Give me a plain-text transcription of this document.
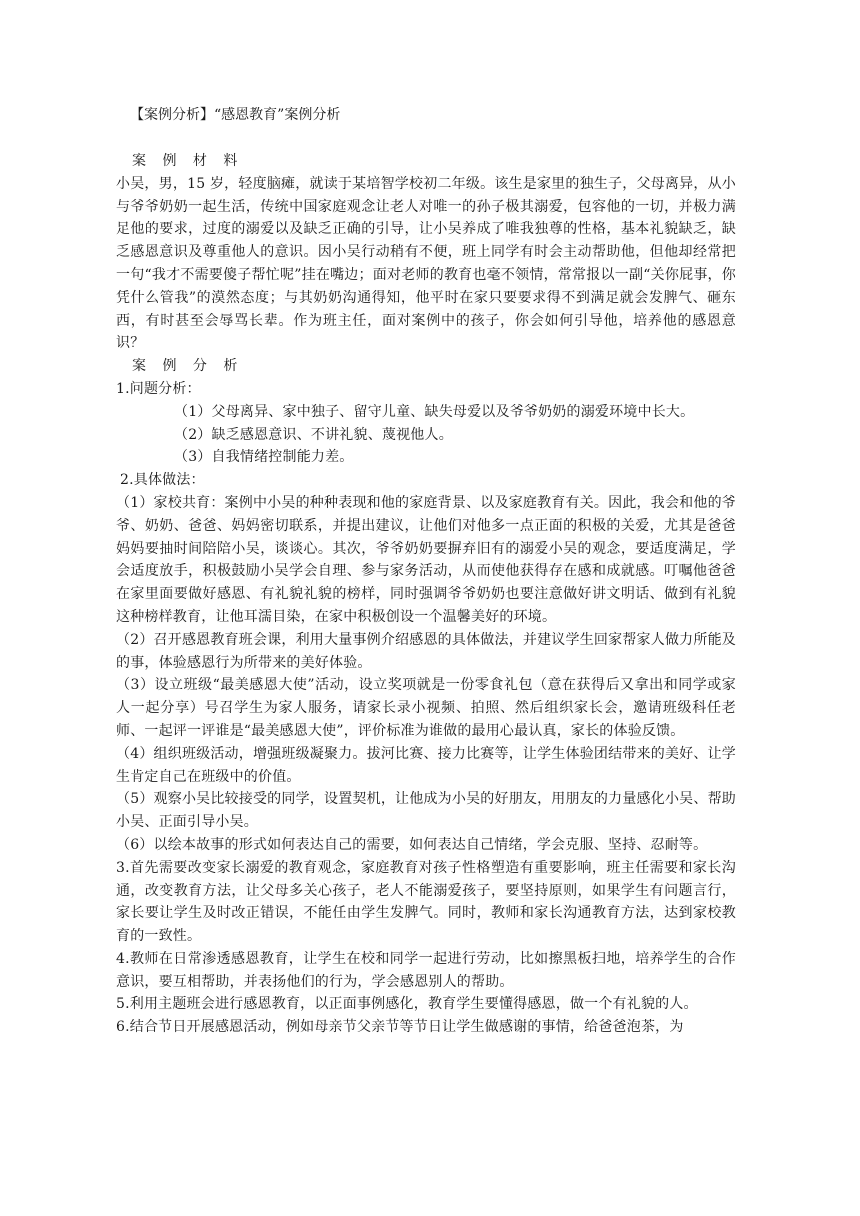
【案例分析】“感恩教育”案例分析

案 例 材 料

小吴，男，15 岁，轻度脑瘫，就读于某培智学校初二年级。该生是家里的独生子，父母离异，从小与爷爷奶奶一起生活，传统中国家庭观念让老人对唯一的孙子极其溺爱，包容他的一切，并极力满足他的要求，过度的溺爱以及缺乏正确的引导，让小吴养成了唯我独尊的性格，基本礼貌缺乏，缺乏感恩意识及尊重他人的意识。因小吴行动稍有不便，班上同学有时会主动帮助他，但他却经常把一句“我才不需要傻子帮忙呢”挂在嘴边；面对老师的教育也毫不领情，常常报以一副“关你屁事，你凭什么管我”的漠然态度；与其奶奶沟通得知，他平时在家只要要求得不到满足就会发脾气、砸东西，有时甚至会辱骂长辈。作为班主任，面对案例中的孩子，你会如何引导他，培养他的感恩意识？

案 例 分 析

1.问题分析：

（1）父母离异、家中独子、留守儿童、缺失母爱以及爷爷奶奶的溺爱环境中长大。

（2）缺乏感恩意识、不讲礼貌、蔑视他人。

（3）自我情绪控制能力差。

2.具体做法：

（1）家校共育：案例中小吴的种种表现和他的家庭背景、以及家庭教育有关。因此，我会和他的爷爷、奶奶、爸爸、妈妈密切联系，并提出建议，让他们对他多一点正面的积极的关爱，尤其是爸爸妈妈要抽时间陪陪小吴，谈谈心。其次，爷爷奶奶要摒弃旧有的溺爱小吴的观念，要适度满足，学会适度放手，积极鼓励小吴学会自理、参与家务活动，从而使他获得存在感和成就感。叮嘱他爸爸在家里面要做好感恩、有礼貌礼貌的榜样，同时强调爷爷奶奶也要注意做好讲文明话、做到有礼貌这种榜样教育，让他耳濡目染，在家中积极创设一个温馨美好的环境。

（2）召开感恩教育班会课，利用大量事例介绍感恩的具体做法，并建议学生回家帮家人做力所能及的事，体验感恩行为所带来的美好体验。

（3）设立班级“最美感恩大使”活动，设立奖项就是一份零食礼包（意在获得后又拿出和同学或家人一起分享）号召学生为家人服务，请家长录小视频、拍照、然后组织家长会，邀请班级科任老师、一起评一评谁是“最美感恩大使”，评价标准为谁做的最用心最认真，家长的体验反馈。

（4）组织班级活动，增强班级凝聚力。拔河比赛、接力比赛等，让学生体验团结带来的美好、让学生肯定自己在班级中的价值。

（5）观察小吴比较接受的同学，设置契机，让他成为小吴的好朋友，用朋友的力量感化小吴、帮助小吴、正面引导小吴。

（6）以绘本故事的形式如何表达自己的需要，如何表达自己情绪，学会克服、坚持、忍耐等。

3.首先需要改变家长溺爱的教育观念，家庭教育对孩子性格塑造有重要影响，班主任需要和家长沟通，改变教育方法，让父母多关心孩子，老人不能溺爱孩子，要坚持原则，如果学生有问题言行，家长要让学生及时改正错误，不能任由学生发脾气。同时，教师和家长沟通教育方法，达到家校教育的一致性。

4.教师在日常渗透感恩教育，让学生在校和同学一起进行劳动，比如擦黑板扫地，培养学生的合作意识，要互相帮助，并表扬他们的行为，学会感恩别人的帮助。

5.利用主题班会进行感恩教育，以正面事例感化，教育学生要懂得感恩，做一个有礼貌的人。

6.结合节日开展感恩活动，例如母亲节父亲节等节日让学生做感谢的事情，给爸爸泡茶，为
